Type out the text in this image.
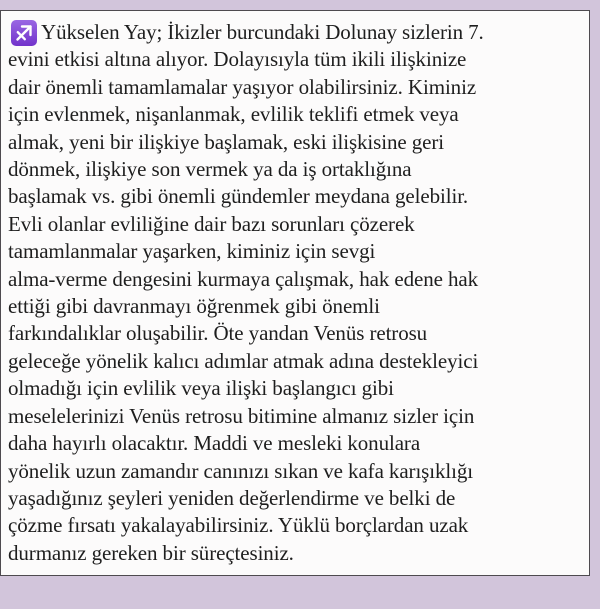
Yükselen Yay; İkizler burcundaki Dolunay sizlerin 7.
evini etkisi altına alıyor. Dolayısıyla tüm ikili ilişkinize
dair önemli tamamlamalar yaşıyor olabilirsiniz. Kiminiz
için evlenmek, nişanlanmak, evlilik teklifi etmek veya
almak, yeni bir ilişkiye başlamak, eski ilişkisine geri
dönmek, ilişkiye son vermek ya da iş ortaklığına
başlamak vs. gibi önemli gündemler meydana gelebilir.
Evli olanlar evliliğine dair bazı sorunları çözerek
tamamlanmalar yaşarken, kiminiz için sevgi
alma-verme dengesini kurmaya çalışmak, hak edene hak
ettiği gibi davranmayı öğrenmek gibi önemli
farkındalıklar oluşabilir. Öte yandan Venüs retrosu
geleceğe yönelik kalıcı adımlar atmak adına destekleyici
olmadığı için evlilik veya ilişki başlangıcı gibi
meselelerinizi Venüs retrosu bitimine almanız sizler için
daha hayırlı olacaktır. Maddi ve mesleki konulara
yönelik uzun zamandır canınızı sıkan ve kafa karışıklığı
yaşadığınız şeyleri yeniden değerlendirme ve belki de
çözme fırsatı yakalayabilirsiniz. Yüklü borçlardan uzak
durmanız gereken bir süreçtesiniz.
